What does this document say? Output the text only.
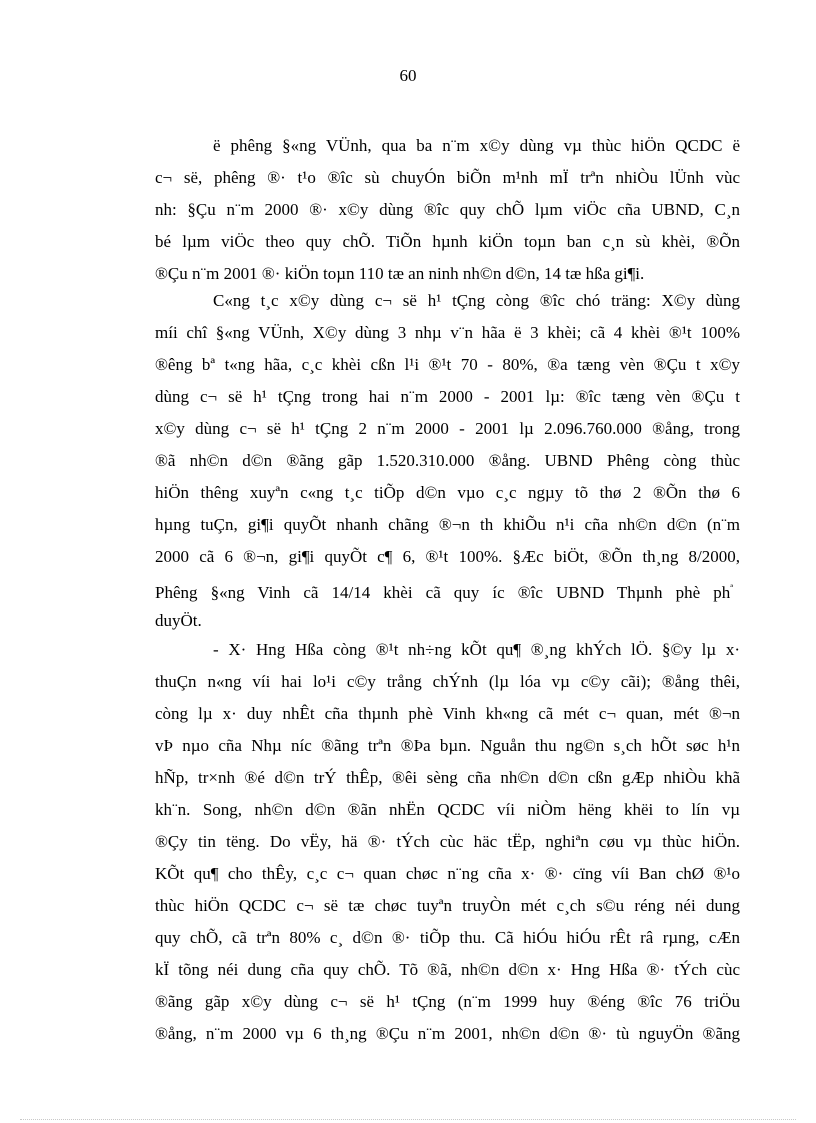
60
ë phêng §«ng VÜnh, qua ba n¨m x©y dùng vµ thùc hiÖn QCDC ë
c¬ së, phêng ®· t¹o ®îc sù chuyÓn biÕn m¹nh mÏ trªn nhiÒu lÜnh vùc
nh: §Çu n¨m 2000 ®· x©y dùng ®îc quy chÕ lµm viÖc cña UBND, C¸n
bé lµm viÖc theo quy chÕ. TiÕn hµnh kiÖn toµn ban c¸n sù khèi, ®Õn
®Çu n¨m 2001 ®· kiÖn toµn 110 tæ an ninh nh©n d©n, 14 tæ hßa gi¶i.
C«ng t¸c x©y dùng c¬ së h¹ tÇng còng ®îc chó träng: X©y dùng
míi chî §«ng VÜnh, X©y dùng 3 nhµ v¨n hãa ë 3 khèi; cã 4 khèi ®¹t 100%
®êng bª t«ng hãa, c¸c khèi cßn l¹i ®¹t 70 - 80%, ®a tæng vèn ®Çu t x©y
dùng c¬ së h¹ tÇng trong hai n¨m 2000 - 2001 lµ: ®îc tæng vèn ®Çu t
x©y dùng c¬ së h¹ tÇng 2 n¨m 2000 - 2001 lµ 2.096.760.000 ®ång, trong
®ã nh©n d©n ®ãng gãp 1.520.310.000 ®ång. UBND Phêng còng thùc
hiÖn thêng xuyªn c«ng t¸c tiÕp d©n vµo c¸c ngµy tõ thø 2 ®Õn thø 6
hµng tuÇn, gi¶i quyÕt nhanh chãng ®¬n th khiÕu n¹i cña nh©n d©n (n¨m
2000 cã 6 ®¬n, gi¶i quyÕt c¶ 6, ®¹t 100%. §Æc biÖt, ®Õn th¸ng 8/2000,
Phêng §«ng Vinh cã 14/14 khèi cã quy íc ®îc UBND Thµnh phè $ph^ª$
duyÖt.
- X· Hng Hßa còng ®¹t nh÷ng kÕt qu¶ ®¸ng khÝch lÖ. §©y lµ x·
thuÇn n«ng víi hai lo¹i c©y trång chÝnh (lµ lóa vµ c©y cãi); ®ång thêi,
còng lµ x· duy nhÊt cña thµnh phè Vinh kh«ng cã mét c¬ quan, mét ®¬n
vÞ nµo cña Nhµ níc ®ãng trªn ®Þa bµn. Nguån thu ng©n s¸ch hÕt søc h¹n
hÑp, tr×nh ®é d©n trÝ thÊp, ®êi sèng cña nh©n d©n cßn gÆp nhiÒu khã
kh¨n. Song, nh©n d©n ®ãn nhËn QCDC víi niÒm hëng khëi to lín vµ
®Çy tin tëng. Do vËy, hä ®· tÝch cùc häc tËp, nghiªn cøu vµ thùc hiÖn.
KÕt qu¶ cho thÊy, c¸c c¬ quan chøc n¨ng cña x· ®· cïng víi Ban chØ ®¹o
thùc hiÖn QCDC c¬ së tæ chøc tuyªn truyÒn mét c¸ch s©u réng néi dung
quy chÕ, cã trªn 80% c¸ d©n ®· tiÕp thu. Cã hiÓu hiÓu rÊt râ rµng, cÆn
kÏ tõng néi dung cña quy chÕ. Tõ ®ã, nh©n d©n x· Hng Hßa ®· tÝch cùc
®ãng gãp x©y dùng c¬ së h¹ tÇng (n¨m 1999 huy ®éng ®îc 76 triÖu
®ång, n¨m 2000 vµ 6 th¸ng ®Çu n¨m 2001, nh©n d©n ®· tù nguyÖn ®ãng
